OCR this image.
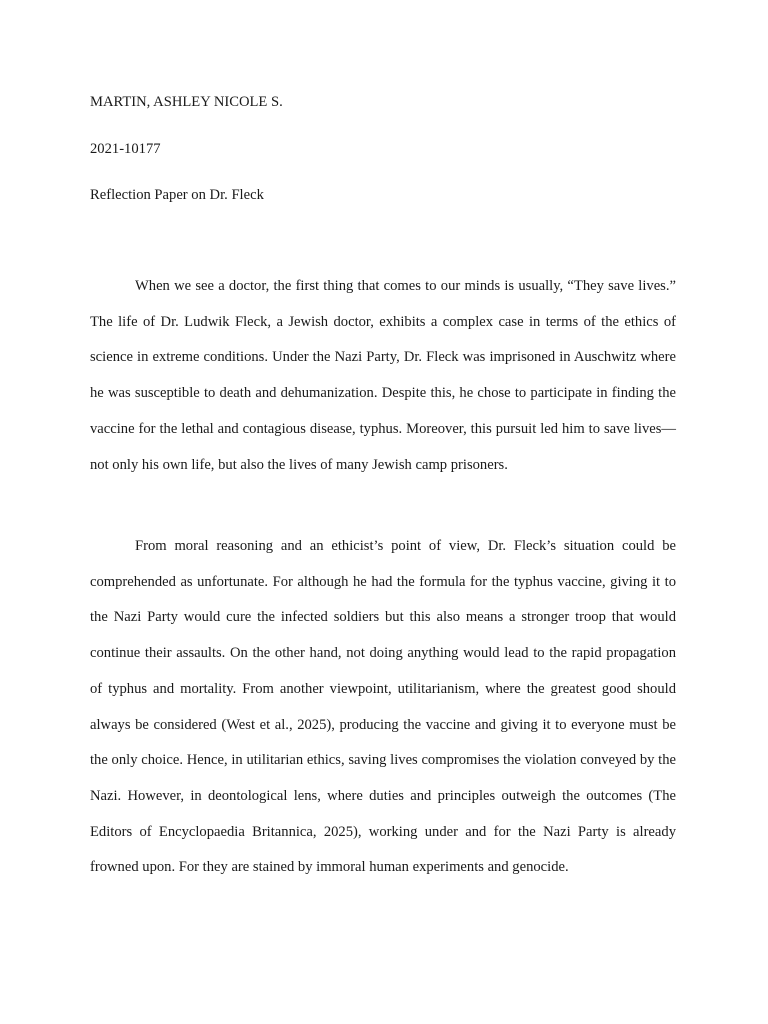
MARTIN, ASHLEY NICOLE S.
2021-10177
Reflection Paper on Dr. Fleck

When we see a doctor, the first thing that comes to our minds is usually, “They save lives.” The life of Dr. Ludwik Fleck, a Jewish doctor, exhibits a complex case in terms of the ethics of science in extreme conditions. Under the Nazi Party, Dr. Fleck was imprisoned in Auschwitz where he was susceptible to death and dehumanization. Despite this, he chose to participate in finding the vaccine for the lethal and contagious disease, typhus. Moreover, this pursuit led him to save lives—not only his own life, but also the lives of many Jewish camp prisoners.

From moral reasoning and an ethicist’s point of view, Dr. Fleck’s situation could be comprehended as unfortunate. For although he had the formula for the typhus vaccine, giving it to the Nazi Party would cure the infected soldiers but this also means a stronger troop that would continue their assaults. On the other hand, not doing anything would lead to the rapid propagation of typhus and mortality. From another viewpoint, utilitarianism, where the greatest good should always be considered (West et al., 2025), producing the vaccine and giving it to everyone must be the only choice. Hence, in utilitarian ethics, saving lives compromises the violation conveyed by the Nazi. However, in deontological lens, where duties and principles outweigh the outcomes (The Editors of Encyclopaedia Britannica, 2025), working under and for the Nazi Party is already frowned upon. For they are stained by immoral human experiments and genocide.
